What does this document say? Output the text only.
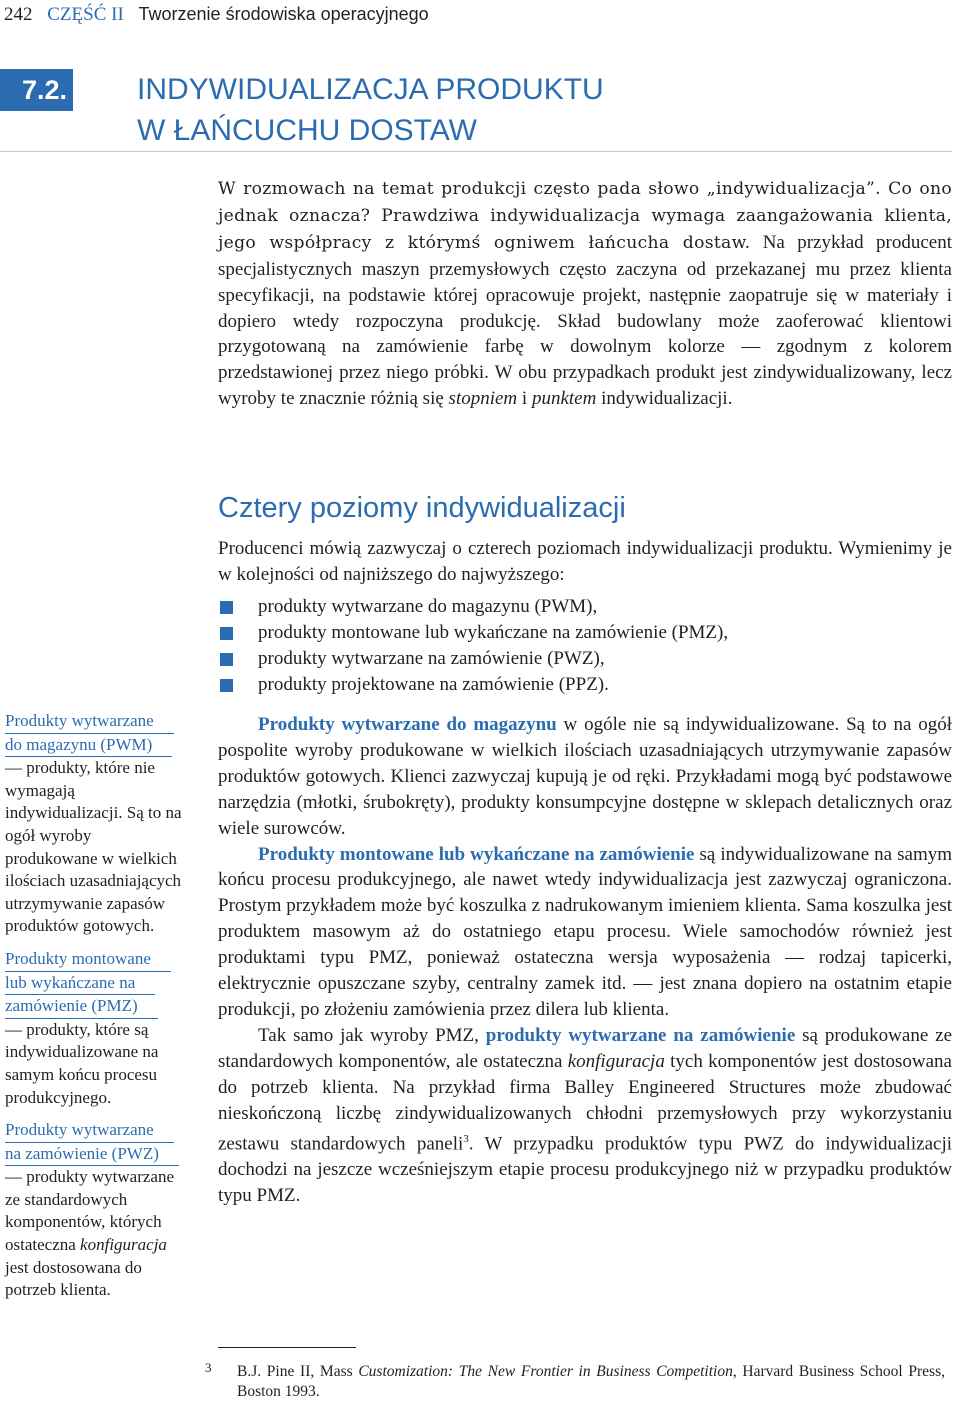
242 CZĘŚĆ II Tworzenie środowiska operacyjnego
7.2. INDYWIDUALIZACJA PRODUKTU
W ŁAŃCUCHU DOSTAW

W rozmowach na temat produkcji często pada słowo „indywidualizacja”. Co ono jednak oznacza? Prawdziwa indywidualizacja wymaga zaangażowania klienta, jego współpracy z którymś ogniwem łańcucha dostaw. Na przykład producent specjalistycznych maszyn przemysłowych często zaczyna od przekazanej mu przez klienta specyfikacji, na podstawie której opracowuje projekt, następnie zaopatruje się w materiały i dopiero wtedy rozpoczyna produkcję. Skład budowlany może zaoferować klientowi przygotowaną na zamówienie farbę w dowolnym kolorze — zgodnym z kolorem przedstawionej przez niego próbki. W obu przypadkach produkt jest zindywidualizowany, lecz wyroby te znacznie różnią się stopniem i punktem indywidualizacji.

Cztery poziomy indywidualizacji

Producenci mówią zazwyczaj o czterech poziomach indywidualizacji produktu. Wymienimy je w kolejności od najniższego do najwyższego:

produkty wytwarzane do magazynu (PWM),
produkty montowane lub wykańczane na zamówienie (PMZ),
produkty wytwarzane na zamówienie (PWZ),
produkty projektowane na zamówienie (PPZ).

Produkty wytwarzane do magazynu w ogóle nie są indywidualizowane. Są to na ogół pospolite wyroby produkowane w wielkich ilościach uzasadniających utrzymywanie zapasów produktów gotowych. Klienci zazwyczaj kupują je od ręki. Przykładami mogą być podstawowe narzędzia (młotki, śrubokręty), produkty konsumpcyjne dostępne w sklepach detalicznych oraz wiele surowców.

Produkty montowane lub wykańczane na zamówienie są indywidualizowane na samym końcu procesu produkcyjnego, ale nawet wtedy indywidualizacja jest zazwyczaj ograniczona. Prostym przykładem może być koszulka z nadrukowanym imieniem klienta. Sama koszulka jest produktem masowym aż do ostatniego etapu procesu. Wiele samochodów również jest produktami typu PMZ, ponieważ ostateczna wersja wyposażenia — rodzaj tapicerki, elektrycznie opuszczane szyby, centralny zamek itd. — jest znana dopiero na ostatnim etapie produkcji, po złożeniu zamówienia przez dilera lub klienta.

Tak samo jak wyroby PMZ, produkty wytwarzane na zamówienie są produkowane ze standardowych komponentów, ale ostateczna konfiguracja tych komponentów jest dostosowana do potrzeb klienta. Na przykład firma Balley Engineered Structures może zbudować nieskończoną liczbę zindywidualizowanych chłodni przemysłowych przy wykorzystaniu zestawu standardowych paneli$^3$. W przypadku produktów typu PWZ do indywidualizacji dochodzi na jeszcze wcześniejszym etapie procesu produkcyjnego niż w przypadku produktów typu PMZ.

Produkty wytwarzane
do magazynu (PWM)
— produkty, które nie wymagają indywidualizacji. Są to na ogół wyroby produkowane w wielkich ilościach uzasadniających utrzymywanie zapasów produktów gotowych.
Produkty montowane
lub wykańczane na
zamówienie (PMZ)
— produkty, które są indywidualizowane na samym końcu procesu produkcyjnego.
Produkty wytwarzane
na zamówienie (PWZ)
— produkty wytwarzane ze standardowych komponentów, których ostateczna konfiguracja jest dostosowana do potrzeb klienta.
3 B.J. Pine II, Mass Customization: The New Frontier in Business Competition, Harvard Business School Press, Boston 1993.
